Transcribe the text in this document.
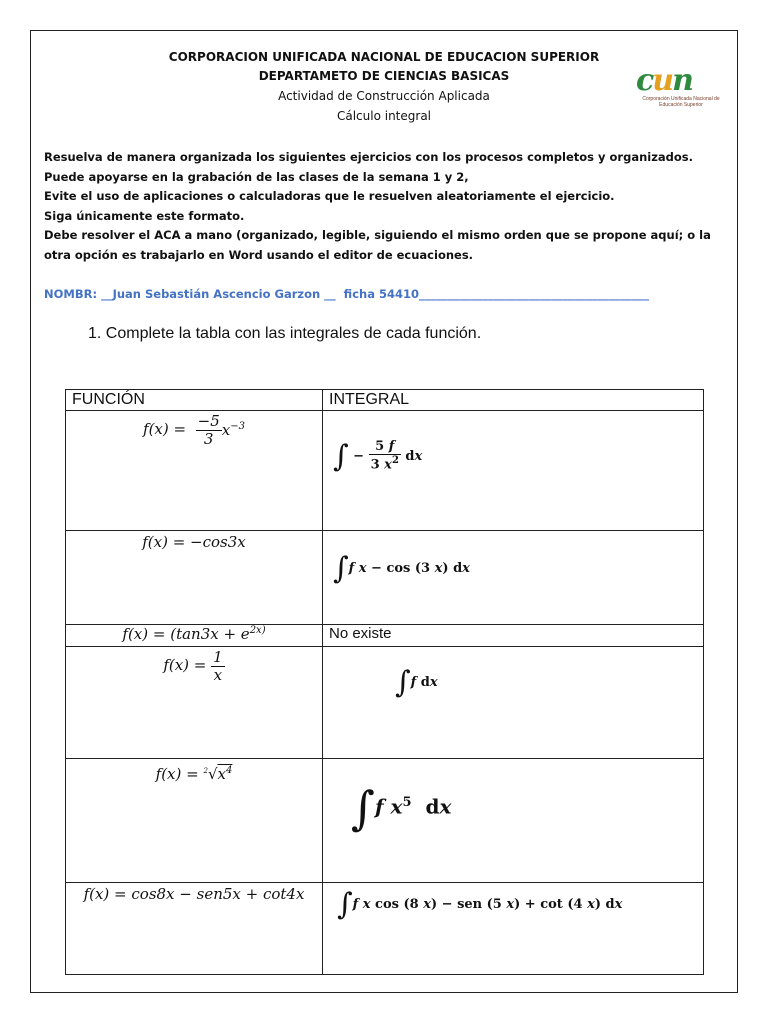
CORPORACION UNIFICADA NACIONAL DE EDUCACION SUPERIOR
DEPARTAMETO DE CIENCIAS BASICAS
Actividad de Construcción Aplicada
Cálculo integral
cun
Corporación Unificada Nacional de Educación Superior
Resuelva de manera organizada los siguientes ejercicios con los procesos completos y organizados.
Puede apoyarse en la grabación de las clases de la semana 1 y 2,
Evite el uso de aplicaciones o calculadoras que le resuelven aleatoriamente el ejercicio.
Siga únicamente este formato.
Debe resolver el ACA a mano (organizado, legible, siguiendo el mismo orden que se propone aquí; o la otra opción es trabajarlo en Word usando el editor de ecuaciones.
NOMBR: __Juan Sebastián Ascencio Garzon __  ficha 54410________________________________________
1. Complete la tabla con las integrales de cada función.
FUNCIÓN	INTEGRAL

$f(x) = \frac{-5}{3} x^{-3}$	∫ − $\frac{5 f}{3 x^2}$ dx

f(x) = −cos3x	∫f x − cos (3 x) dx

$f(x) = (\tan 3x + e^{2x)}$	No existe

$f(x) = \frac{1}{x}$	∫f dx

$f(x) = ^2√x^4$	∫f $x^5$  dx

f(x) = cos8x − sen5x + cot4x	∫f x cos (8 x) − sen (5 x) + cot (4 x) dx
